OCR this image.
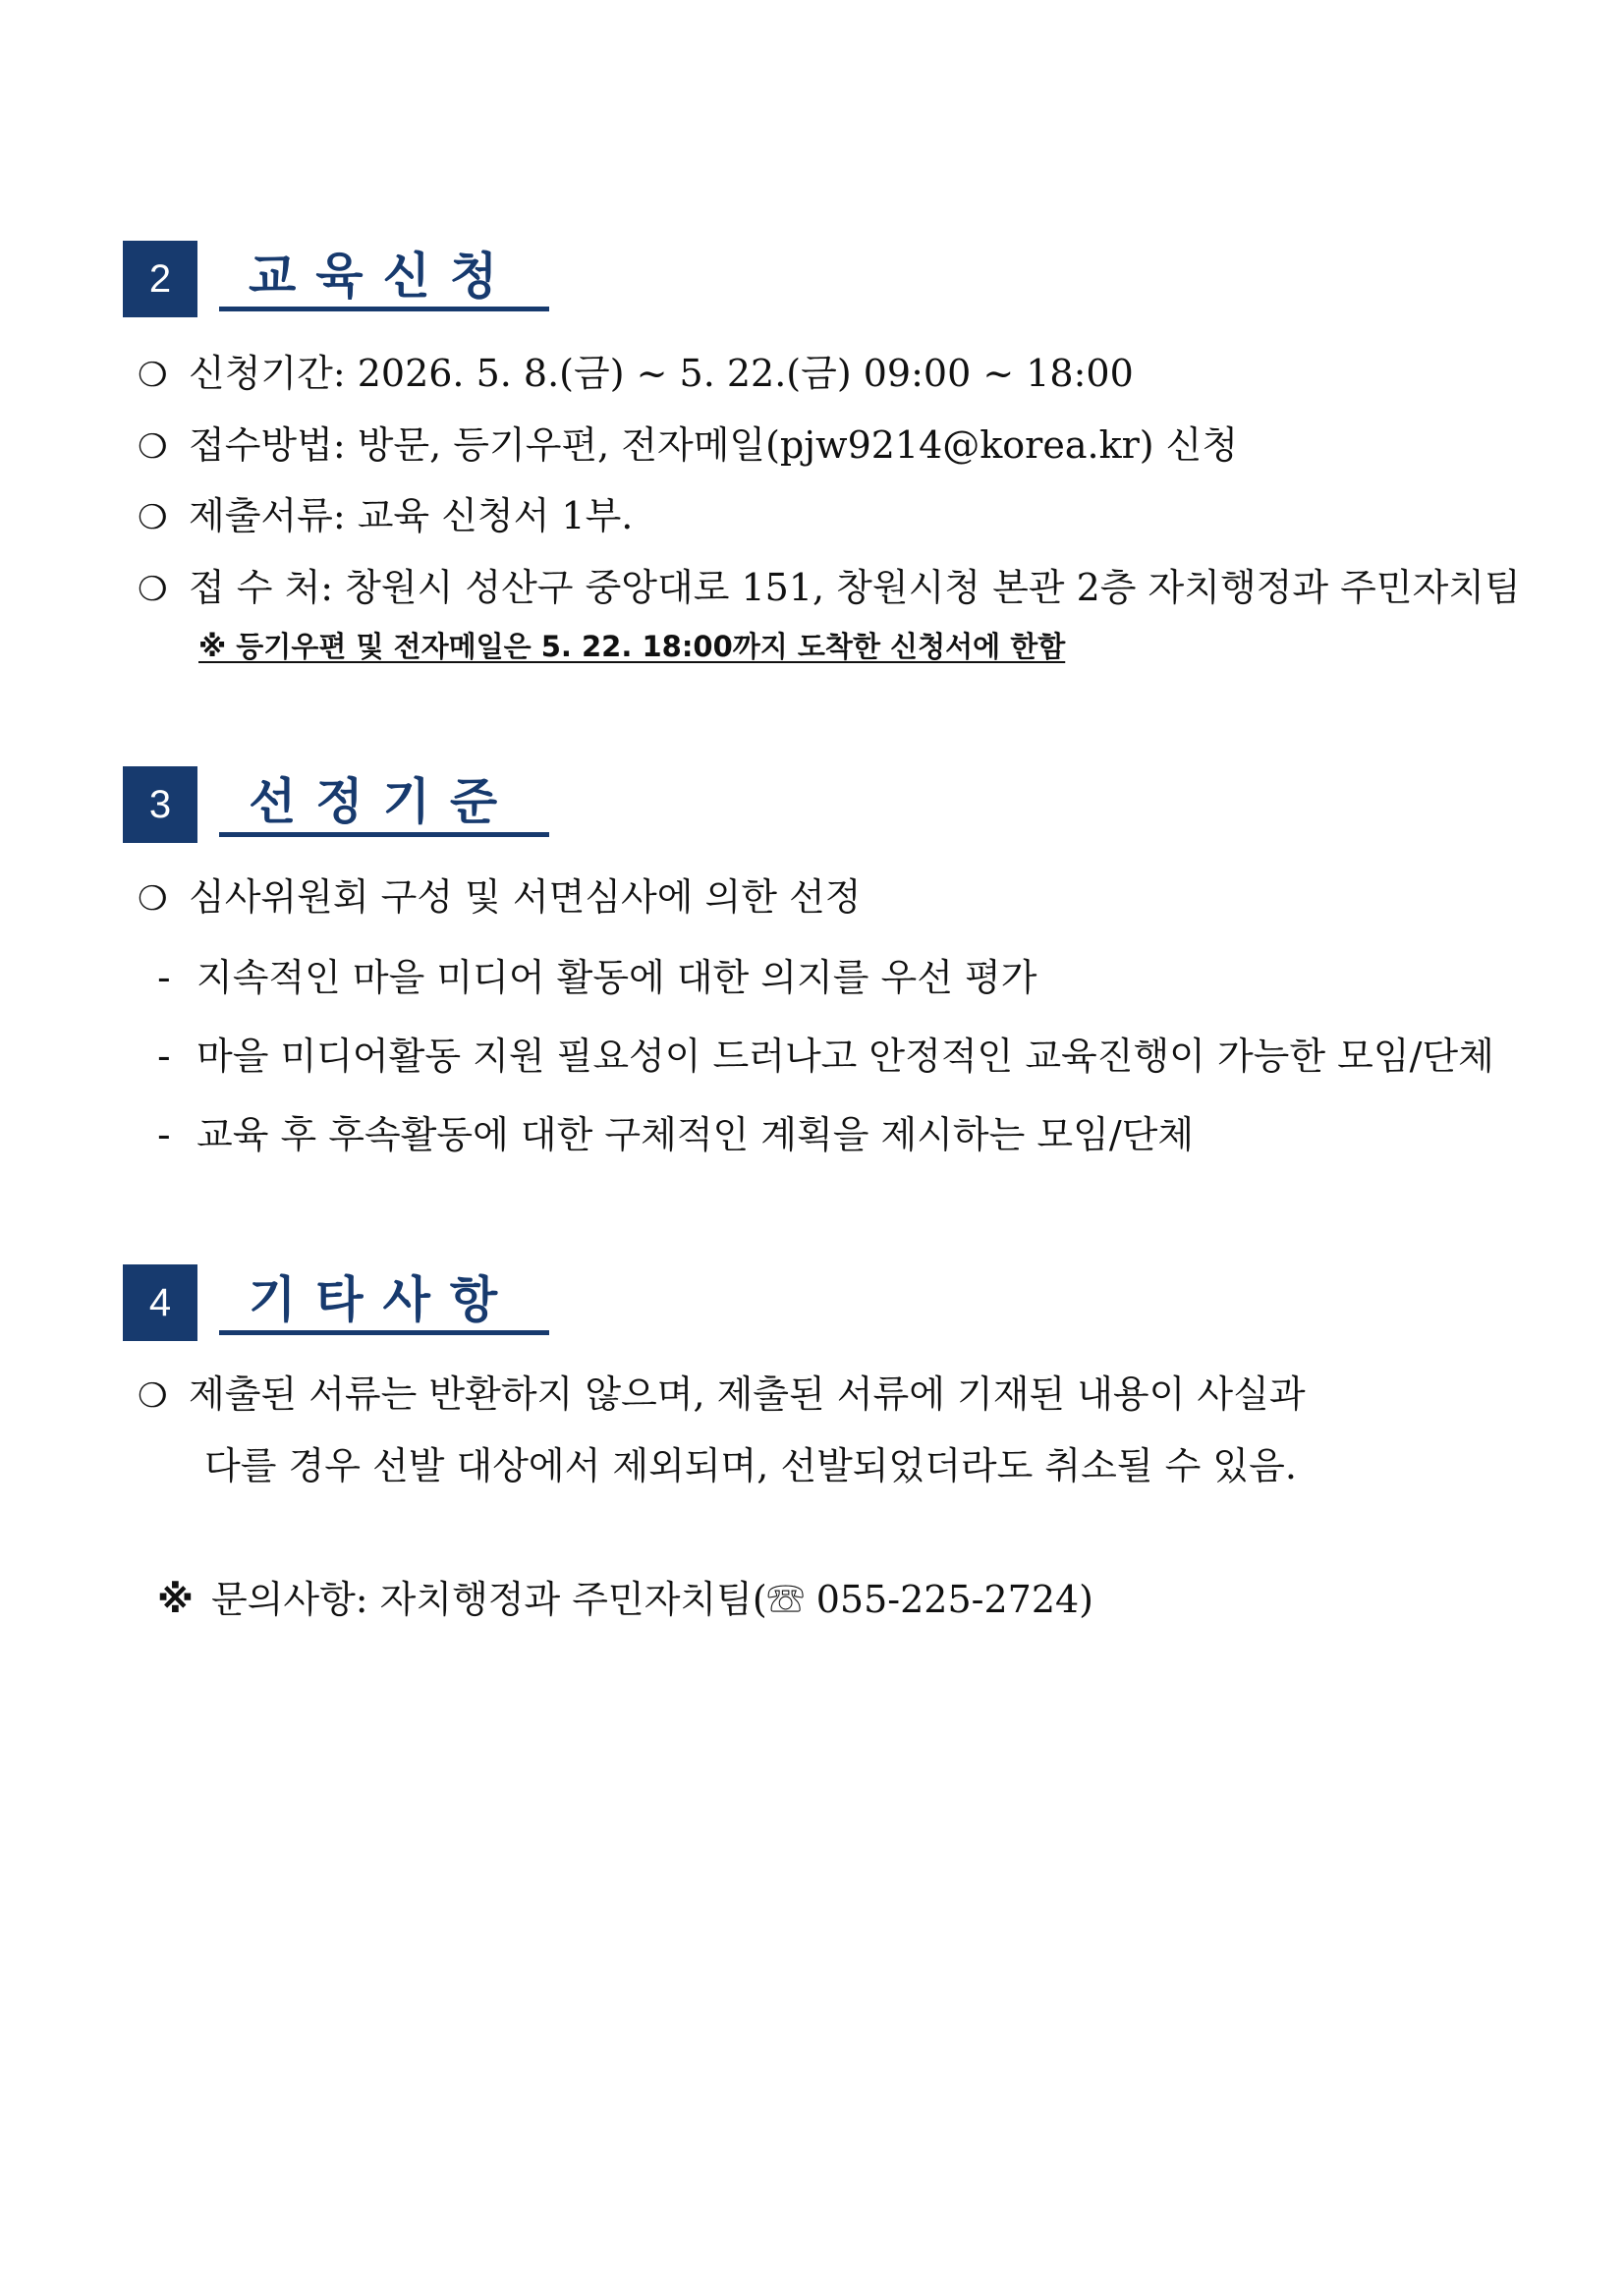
2	교육신청
❍ 신청기간: 2026. 5. 8.(금) ~ 5. 22.(금) 09:00 ~ 18:00
❍ 접수방법: 방문, 등기우편, 전자메일(pjw9214@korea.kr) 신청
❍ 제출서류: 교육 신청서 1부.
❍ 접 수 처: 창원시 성산구 중앙대로 151, 창원시청 본관 2층 자치행정과 주민자치팀
※ 등기우편 및 전자메일은 5. 22. 18:00까지 도착한 신청서에 한함
3	선정기준
❍ 심사위원회 구성 및 서면심사에 의한 선정
- 지속적인 마을 미디어 활동에 대한 의지를 우선 평가
- 마을 미디어활동 지원 필요성이 드러나고 안정적인 교육진행이 가능한 모임/단체
- 교육 후 후속활동에 대한 구체적인 계획을 제시하는 모임/단체
4	기타사항
❍ 제출된 서류는 반환하지 않으며, 제출된 서류에 기재된 내용이 사실과
다를 경우 선발 대상에서 제외되며, 선발되었더라도 취소될 수 있음.
※ 문의사항: 자치행정과 주민자치팀(☏ 055-225-2724)
